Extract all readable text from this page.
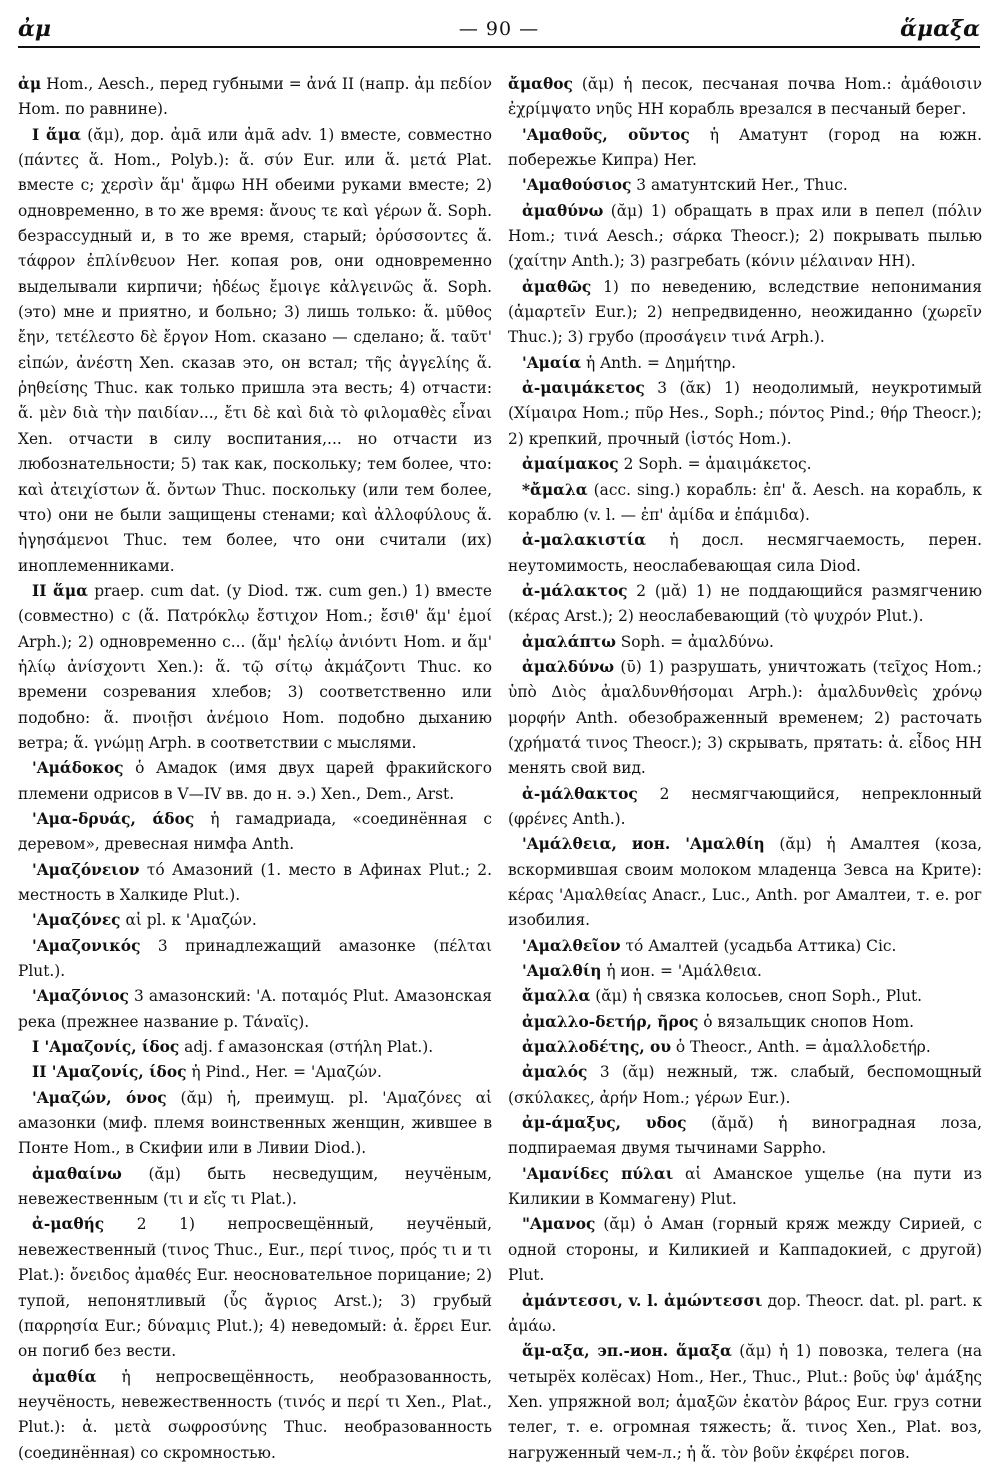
ἀμ	— 90 —	ἅμαξα

ἀμ Hom., Aesch., перед губными = ἀνά II (напр. ἀμ πεδίον Hom. по равнине).

I ἅμα (ᾰμ), дор. ἀμᾶ или ἀμᾶ adv. 1) вместе, совместно (πάντες ἅ. Hom., Polyb.): ἅ. σύν Eur. или ἅ. μετά Plat. вместе с; χερσὶν ἅμ' ἄμφω НН обеими руками вместе; 2) одновременно, в то же время: ἄνους τε καὶ γέρων ἅ. Soph. безрассудный и, в то же время, старый; ὀρύσσοντες ἅ. τάφρον ἐπλίνθευον Her. копая ров, они одновременно выделывали кирпичи; ἡδέως ἔμοιγε κἀλγεινῶς ἅ. Soph. (это) мне и приятно, и больно; 3) лишь только: ἅ. μῦθος ἔην, τετέλεστο δὲ ἔργον Hom. сказано — сделано; ἅ. ταῦτ' εἰπών, ἀνέστη Xen. сказав это, он встал; τῆς ἀγγελίης ἅ. ῥηθείσης Thuc. как только пришла эта весть; 4) отчасти: ἅ. μὲν διὰ τὴν παιδίαν..., ἔτι δὲ καὶ διὰ τὸ φιλομαθὲς εἶναι Xen. отчасти в силу воспитания,... но отчасти из любознательности; 5) так как, поскольку; тем более, что: καὶ ἀτειχίστων ἅ. ὄντων Thuc. поскольку (или тем более, что) они не были защищены стенами; καὶ ἀλλοφύλους ἅ. ἡγησάμενοι Thuc. тем более, что они считали (их) иноплеменниками.

II ἅμα praep. cum dat. (у Diod. тж. cum gen.) 1) вместе (совместно) с (ἅ. Πατρόκλῳ ἔστιχον Hom.; ἔσιθ' ἅμ' ἐμοί Arph.); 2) одновременно с... (ἅμ' ἠελίῳ ἀνιόντι Hom. и ἅμ' ἡλίῳ ἀνίσχοντι Xen.): ἅ. τῷ σίτῳ ἀκμάζοντι Thuc. ко времени созревания хлебов; 3) соответственно или подобно: ἅ. πνοιῇσι ἀνέμοιο Hom. подобно дыханию ветра; ἅ. γνώμῃ Arph. в соответствии с мыслями.

'Αμάδοκος ὁ Амадок (имя двух царей фракийского племени одрисов в V—IV вв. до н. э.) Xen., Dem., Arst.

'Αμα-δρυάς, άδος ἡ гамадриада, «соединённая с деревом», древесная нимфа Anth.

'Αμαζόνειον τό Амазоний (1. место в Афинах Plut.; 2. местность в Халкиде Plut.).

'Αμαζόνες αἱ pl. к 'Αμαζών.

'Αμαζονικός 3 принадлежащий амазонке (πέλται Plut.).

'Αμαζόνιος 3 амазонский: 'Α. ποταμός Plut. Амазонская река (прежнее название р. Τάναϊς).

I 'Αμαζονίς, ίδος adj. f амазонская (στήλη Plat.).

II 'Αμαζονίς, ίδος ἡ Pind., Her. = 'Αμαζών.

'Αμαζών, όνος (ᾰμ) ἡ, преимущ. pl. 'Αμαζόνες αἱ амазонки (миф. племя воинственных женщин, жившее в Понте Hom., в Скифии или в Ливии Diod.).

ἀμαθαίνω (ᾰμ) быть несведущим, неучёным, невежественным (τι и εἴς τι Plat.).

ἀ-μαθής 2 1) непросвещённый, неучёный, невежественный (τινος Thuc., Eur., περί τινος, πρός τι и τι Plat.): ὄνειδος ἀμαθές Eur. неосновательное порицание; 2) тупой, непонятливый (ὗς ἄγριος Arst.); 3) грубый (παρρησία Eur.; δύναμις Plut.); 4) неведомый: ἀ. ἔρρει Eur. он погиб без вести.

ἀμαθία ἡ непросвещённость, необразованность, неучёность, невежественность (τινός и περί τι Xen., Plat., Plut.): ἀ. μετὰ σωφροσύνης Thuc. необразованность (соединённая) со скромностью.

ἄμαθος (ᾰμ) ἡ песок, песчаная почва Hom.: ἀμάθοισιν ἐχρίμψατο νηῦς НН корабль врезался в песчаный берег.

'Αμαθοῦς, οῦντος ἡ Аматунт (город на южн. побережье Кипра) Her.

'Αμαθούσιος 3 аматунтский Her., Thuc.

ἀμαθύνω (ᾰμ) 1) обращать в прах или в пепел (πόλιν Hom.; τινά Aesch.; σάρκα Theocr.); 2) покрывать пылью (χαίτην Anth.); 3) разгребать (κόνιν μέλαιναν НН).

ἀμαθῶς 1) по неведению, вследствие непонимания (ἁμαρτεῖν Eur.); 2) непредвиденно, неожиданно (χωρεῖν Thuc.); 3) грубо (προσάγειν τινά Arph.).

'Αμαία ἡ Anth. = Δημήτηρ.

ἀ-μαιμάκετος 3 (ᾰκ) 1) неодолимый, неукротимый (Χίμαιρα Hom.; πῦρ Hes., Soph.; πόντος Pind.; θήρ Theocr.); 2) крепкий, прочный (ἱστός Hom.).

ἀμαίμακος 2 Soph. = ἀμαιμάκετος.

*ἄμαλα (acc. sing.) корабль: ἐπ' ἄ. Aesch. на корабль, к кораблю (v. l. — ἐπ' ἀμίδα и ἐπάμιδα).

ἀ-μαλακιστία ἡ досл. несмягчаемость, перен. неутомимость, неослабевающая сила Diod.

ἀ-μάλακτος 2 (μᾰ) 1) не поддающийся размягчению (κέρας Arst.); 2) неослабевающий (τὸ ψυχρόν Plut.).

ἀμαλάπτω Soph. = ἀμαλδύνω.

ἀμαλδύνω (ῡ) 1) разрушать, уничтожать (τεῖχος Hom.; ὑπὸ Διὸς ἀμαλδυνθήσομαι Arph.): ἀμαλδυνθεὶς χρόνῳ μορφήν Anth. обезображенный временем; 2) расточать (χρήματά τινος Theocr.); 3) скрывать, прятать: ἀ. εἶδος НН менять свой вид.

ἀ-μάλθακτος 2 несмягчающийся, непреклонный (φρένες Anth.).

'Αμάλθεια, ион. 'Αμαλθίη (ᾰμ) ἡ Амалтея (коза, вскормившая своим молоком младенца Зевса на Крите): κέρας 'Αμαλθείας Anacr., Luc., Anth. рог Амалтеи, т. е. рог изобилия.

'Αμαλθεῖον τό Амалтей (усадьба Аттика) Cic.

'Αμαλθίη ἡ ион. = 'Αμάλθεια.

ἄμαλλα (ᾰμ) ἡ связка колосьев, сноп Soph., Plut.

ἀμαλλο-δετήρ, ῆρος ὁ вязальщик снопов Hom.

ἀμαλλοδέτης, ου ὁ Theocr., Anth. = ἀμαλλοδετήρ.

ἀμαλός 3 (ᾰμ) нежный, тж. слабый, беспомощный (σκύλακες, ἀρήν Hom.; γέρων Eur.).

ἀμ-άμαξυς, υδος (ᾰμᾰ) ἡ виноградная лоза, подпираемая двумя тычинами Sappho.

'Αμανίδες πύλαι αἱ Аманское ущелье (на пути из Киликии в Коммагену) Plut.

"Αμανος (ᾰμ) ὁ Аман (горный кряж между Сирией, с одной стороны, и Киликией и Каппадокией, с другой) Plut.

ἀμάντεσσι, v. l. ἀμώντεσσι дор. Theocr. dat. pl. part. к ἀμάω.

ἅμ-αξα, эп.-ион. ἅμαξα (ᾰμ) ἡ 1) повозка, телега (на четырёх колёсах) Hom., Her., Thuc., Plut.: βοῦς ὑφ' ἁμάξης Xen. упряжной вол; ἁμαξῶν ἑκατὸν βάρος Eur. груз сотни телег, т. е. огромная тяжесть; ἅ. τινος Xen., Plat. воз, нагруженный чем-л.; ἡ ἅ. τὸν βοῦν ἐκφέρει погов.
